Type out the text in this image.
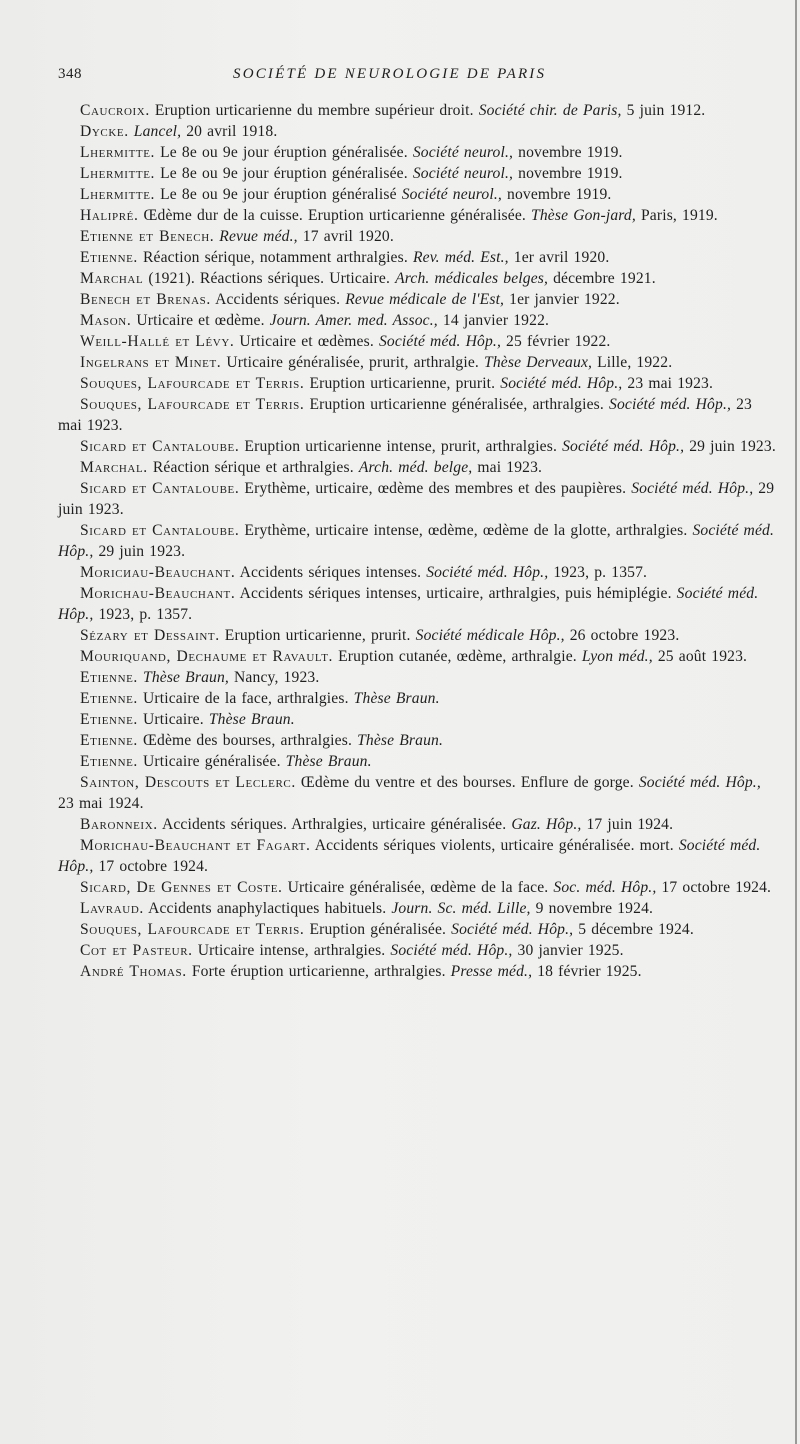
348	SOCIÉTÉ DE NEUROLOGIE DE PARIS

Caucroix. Eruption urticarienne du membre supérieur droit. Société chir. de Paris, 5 juin 1912.

Dycke. Lancel, 20 avril 1918.

Lhermitte. Le 8e ou 9e jour éruption généralisée. Société neurol., novembre 1919.

Lhermitte. Le 8e ou 9e jour éruption généralisée. Société neurol., novembre 1919.

Lhermitte. Le 8e ou 9e jour éruption généralisé Société neurol., novembre 1919.

Halipré. Œdème dur de la cuisse. Eruption urticarienne généralisée. Thèse Gon-jard, Paris, 1919.

Etienne et Benech. Revue méd., 17 avril 1920.

Etienne. Réaction sérique, notamment arthralgies. Rev. méd. Est., 1er avril 1920.

Marchal (1921). Réactions sériques. Urticaire. Arch. médicales belges, décembre 1921.

Benech et Brenas. Accidents sériques. Revue médicale de l'Est, 1er janvier 1922.

Mason. Urticaire et œdème. Journ. Amer. med. Assoc., 14 janvier 1922.

Weill-Hallé et Lévy. Urticaire et œdèmes. Société méd. Hôp., 25 février 1922.

Ingelrans et Minet. Urticaire généralisée, prurit, arthralgie. Thèse Derveaux, Lille, 1922.

Souques, Lafourcade et Terris. Eruption urticarienne, prurit. Société méd. Hôp., 23 mai 1923.

Souques, Lafourcade et Terris. Eruption urticarienne généralisée, arthralgies. Société méd. Hôp., 23 mai 1923.

Sicard et Cantaloube. Eruption urticarienne intense, prurit, arthralgies. Société méd. Hôp., 29 juin 1923.

Marchal. Réaction sérique et arthralgies. Arch. méd. belge, mai 1923.

Sicard et Cantaloube. Erythème, urticaire, œdème des membres et des paupières. Société méd. Hôp., 29 juin 1923.

Sicard et Cantaloube. Erythème, urticaire intense, œdème, œdème de la glotte, arthralgies. Société méd. Hôp., 29 juin 1923.

Moricиau-Beauchant. Accidents sériques intenses. Société méd. Hôp., 1923, p. 1357.

Morichau-Beauchant. Accidents sériques intenses, urticaire, arthralgies, puis hémiplégie. Société méd. Hôp., 1923, p. 1357.

Sézary et Dessaint. Eruption urticarienne, prurit. Société médicale Hôp., 26 octobre 1923.

Mouriquand, Dechaume et Ravault. Eruption cutanée, œdème, arthralgie. Lyon méd., 25 août 1923.

Etienne. Thèse Braun, Nancy, 1923.

Etienne. Urticaire de la face, arthralgies. Thèse Braun.

Etienne. Urticaire. Thèse Braun.

Etienne. Œdème des bourses, arthralgies. Thèse Braun.

Etienne. Urticaire généralisée. Thèse Braun.

Sainton, Descouts et Leclerc. Œdème du ventre et des bourses. Enflure de gorge. Société méd. Hôp., 23 mai 1924.

Baronneix. Accidents sériques. Arthralgies, urticaire généralisée. Gaz. Hôp., 17 juin 1924.

Morichau-Beauchant et Fagart. Accidents sériques violents, urticaire généralisée. mort. Société méd. Hôp., 17 octobre 1924.

Sicard, De Gennes et Coste. Urticaire généralisée, œdème de la face. Soc. méd. Hôp., 17 octobre 1924.

Lavraud. Accidents anaphylactiques habituels. Journ. Sc. méd. Lille, 9 novembre 1924.

Souques, Lafourcade et Terris. Eruption généralisée. Société méd. Hôp., 5 décembre 1924.

Cot et Pasteur. Urticaire intense, arthralgies. Société méd. Hôp., 30 janvier 1925.

André Thomas. Forte éruption urticarienne, arthralgies. Presse méd., 18 février 1925.
